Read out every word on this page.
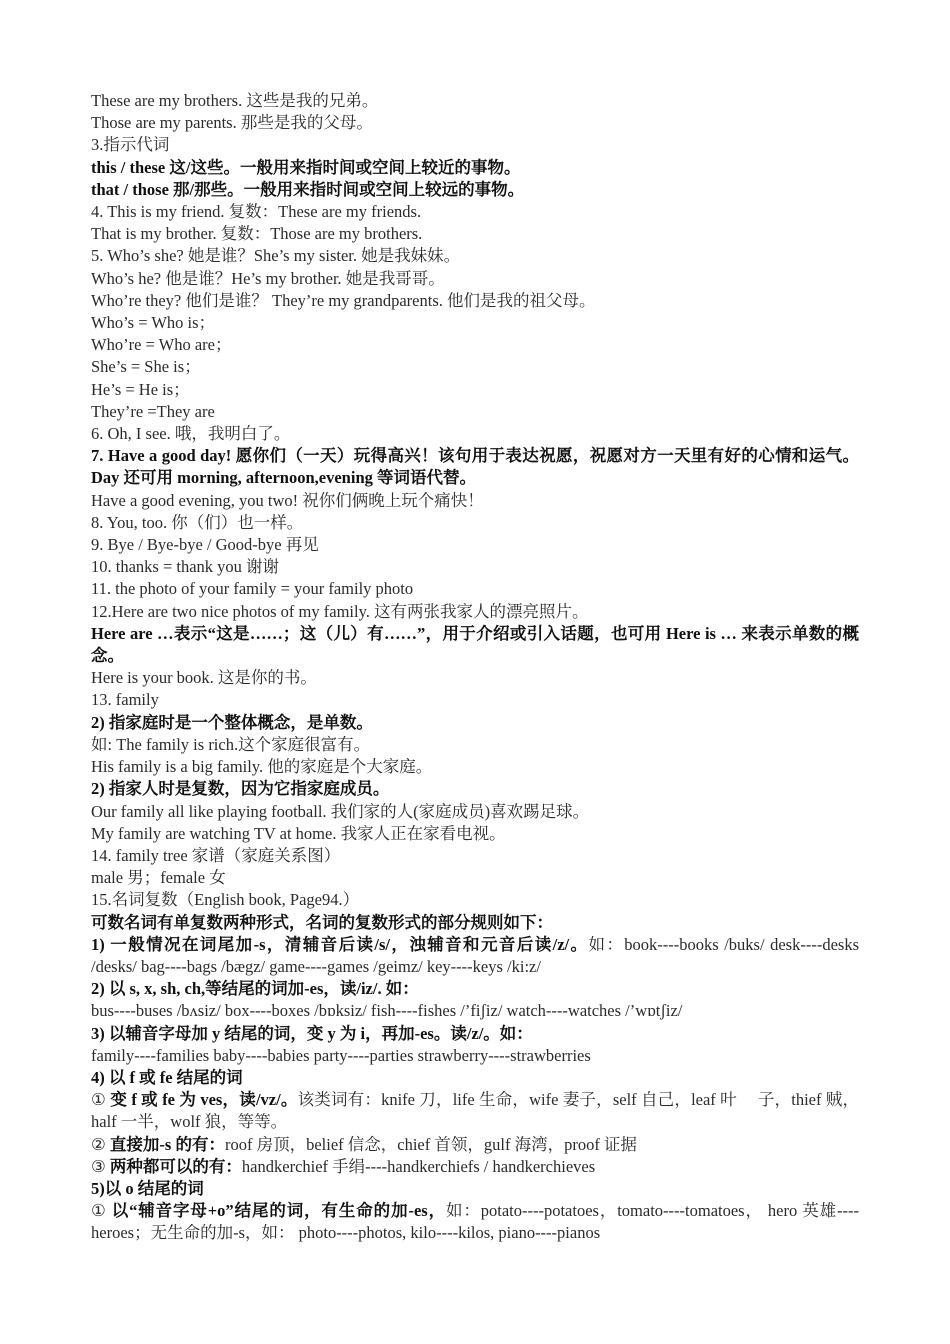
These are my brothers. 这些是我的兄弟。
Those are my parents. 那些是我的父母。
3.指示代词
this / these 这/这些。一般用来指时间或空间上较近的事物。
that / those 那/那些。一般用来指时间或空间上较远的事物。
4. This is my friend. 复数：These are my friends.
That is my brother. 复数：Those are my brothers.
5. Who’s she? 她是谁？She’s my sister. 她是我妹妹。
Who’s he? 他是谁？He’s my brother. 她是我哥哥。
Who’re they? 他们是谁？ They’re my grandparents. 他们是我的祖父母。
Who’s = Who is；
Who’re = Who are；
She’s = She is；
He’s = He is；
They’re =They are
6. Oh, I see. 哦，我明白了。
7. Have a good day! 愿你们（一天）玩得高兴！该句用于表达祝愿，祝愿对方一天里有好的心情和运气。Day 还可用 morning, afternoon,evening 等词语代替。
Have a good evening, you two! 祝你们俩晚上玩个痛快！
8. You, too. 你（们）也一样。
9. Bye / Bye-bye / Good-bye 再见
10. thanks = thank you 谢谢
11. the photo of your family = your family photo
12.Here are two nice photos of my family. 这有两张我家人的漂亮照片。
Here are …表示“这是……；这（儿）有……”，用于介绍或引入话题，也可用 Here is … 来表示单数的概念。
Here is your book. 这是你的书。
13. family
2) 指家庭时是一个整体概念，是单数。
如: The family is rich.这个家庭很富有。
His family is a big family. 他的家庭是个大家庭。
2) 指家人时是复数，因为它指家庭成员。
Our family all like playing football. 我们家的人(家庭成员)喜欢踢足球。
My family are watching TV at home. 我家人正在家看电视。
14. family tree 家谱（家庭关系图）
male 男；female 女
15.名词复数（English book, Page94.）
可数名词有单复数两种形式，名词的复数形式的部分规则如下：
1) 一般情况在词尾加-s，清辅音后读/s/，浊辅音和元音后读/z/。如：book----books /buks/ desk----desks /desks/ bag----bags /bægz/ game----games /geimz/ key----keys /ki:z/
2) 以 s, x, sh, ch,等结尾的词加-es，读/iz/. 如：
bus----buses /bʌsiz/ box----boxes /bɒksiz/ fish----fishes /’fiʃiz/ watch----watches /’wɒtʃiz/
3) 以辅音字母加 y 结尾的词，变 y 为 i，再加-es。读/z/。如：
family----families baby----babies party----parties strawberry----strawberries
4) 以 f 或 fe 结尾的词
① 变 f 或 fe 为 ves，读/vz/。该类词有：knife 刀，life 生命，wife 妻子，self 自己，leaf 叶　 子，thief 贼，half 一半，wolf 狼，等等。
② 直接加-s 的有：roof 房顶，belief 信念，chief 首领，gulf 海湾，proof 证据
③ 两种都可以的有：handkerchief 手绢----handkerchiefs / handkerchieves
5)以 o 结尾的词
① 以“辅音字母+o”结尾的词，有生命的加-es，如：potato----potatoes，tomato----tomatoes， hero 英雄----heroes；无生命的加-s，如： photo----photos, kilo----kilos, piano----pianos
